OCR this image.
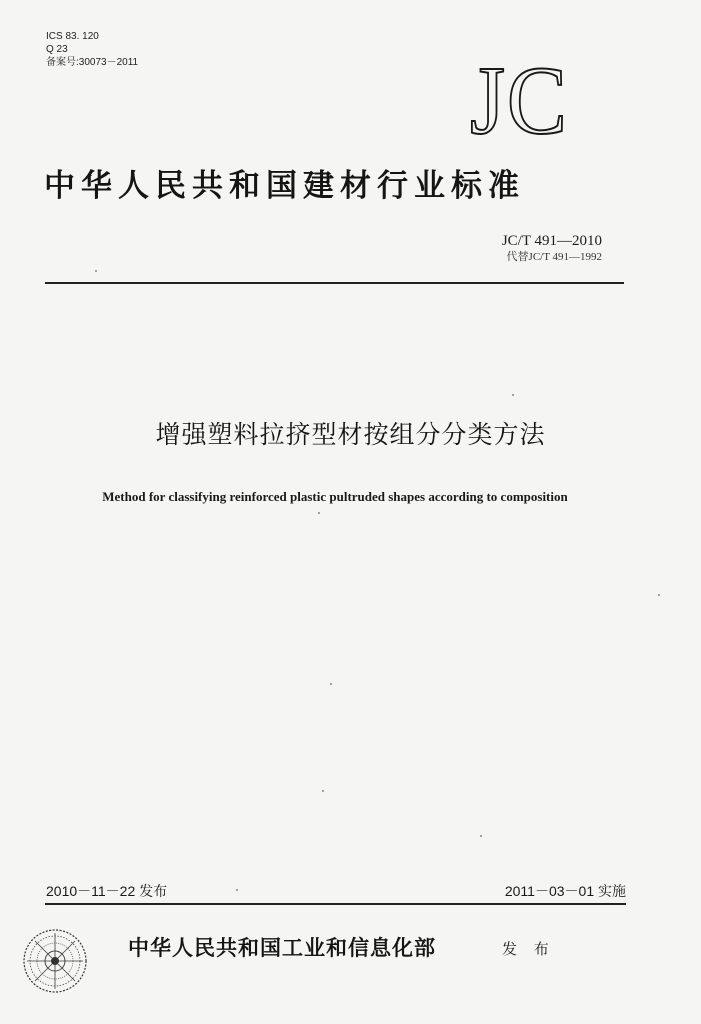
ICS 83. 120
Q 23
备案号:30073－2011	JC
中华人民共和国建材行业标准
JC/T 491—2010
代替JC/T 491—1992
增强塑料拉挤型材按组分分类方法
Method for classifying reinforced plastic pultruded shapes according to composition
2010－11－22 发布	2011－03－01 实施
中华人民共和国工业和信息化部	发 布
